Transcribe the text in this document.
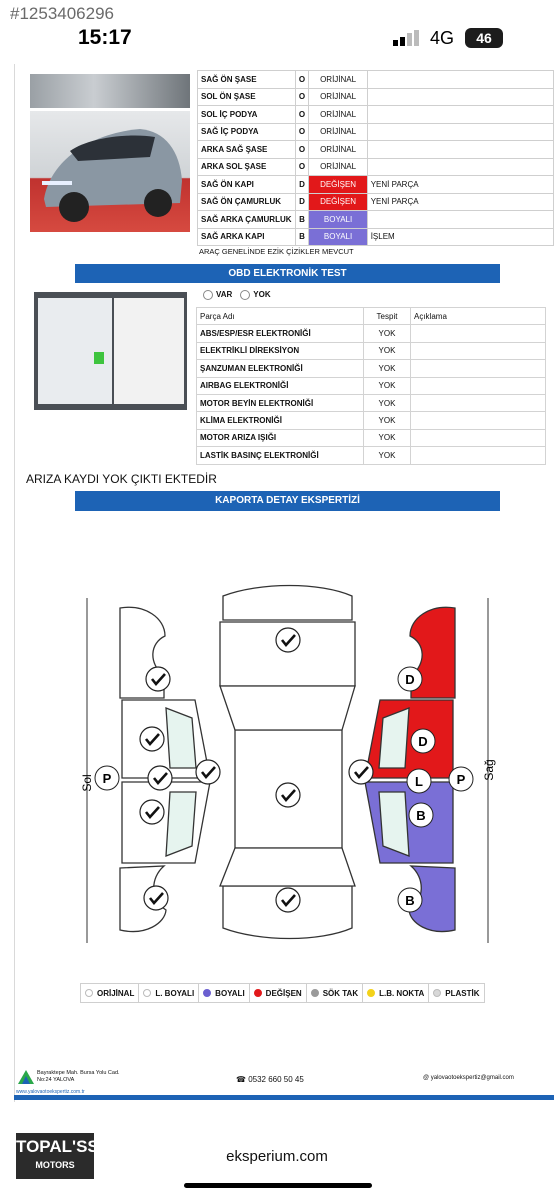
#1253406296
15:17	4G	46
SAĞ ÖN ŞASE	O	ORİJİNAL	
SOL ÖN ŞASE	O	ORİJİNAL	
SOL İÇ PODYA	O	ORİJİNAL	
SAĞ İÇ PODYA	O	ORİJİNAL	
ARKA SAĞ ŞASE	O	ORİJİNAL	
ARKA SOL ŞASE	O	ORİJİNAL	
SAĞ ÖN KAPI	D	DEĞİŞEN	YENİ PARÇA
SAĞ ÖN ÇAMURLUK	D	DEĞİŞEN	YENİ PARÇA
SAĞ ARKA ÇAMURLUK	B	BOYALI	
SAĞ ARKA KAPI	B	BOYALI	İŞLEM
ARAÇ GENELİNDE EZİK ÇİZİKLER MEVCUT
OBD ELEKTRONİK TEST
VAR	YOK
Parça Adı	Tespit	Açıklama
ABS/ESP/ESR ELEKTRONİĞİ	YOK	
ELEKTRİKLİ DİREKSİYON	YOK	
ŞANZUMAN ELEKTRONİĞİ	YOK	
AIRBAG ELEKTRONİĞİ	YOK	
MOTOR BEYİN ELEKTRONİĞİ	YOK	
KLİMA ELEKTRONİĞİ	YOK	
MOTOR ARIZA IŞIĞI	YOK	
LASTİK BASINÇ ELEKTRONİĞİ	YOK	
ARIZA KAYDI YOK ÇIKTI EKTEDİR
KAPORTA DETAY EKSPERTİZİ
P
D
D
L	P
B
B
Sol
Sağ
ORİJİNAL	L. BOYALI	BOYALI	DEĞİŞEN	SÖK TAK	L.B. NOKTA	PLASTİK
Bayraktepe Mah. Bursa Yolu Cad.
No:24 YALOVA	☎ 0532 660 50 45	@ yalovaotoekspertiz@gmail.com
www.yalovaotoekspertiz.com.tr
TOPAL'SS
MOTORS	eksperium.com
